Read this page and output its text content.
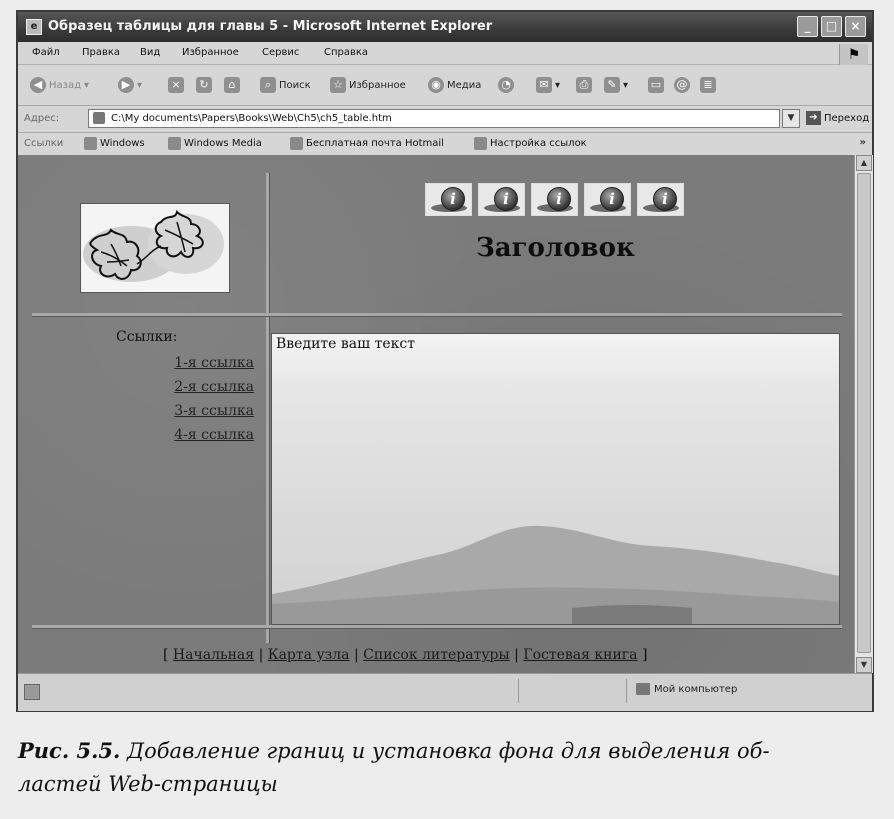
e Образец таблицы для главы 5 - Microsoft Internet Explorer	_	□	×
Файл Правка Вид Избранное Сервис Справка	⚑
◀ Назад ▾	▶ ▾	×	↻	⌂	⌕ Поиск ☆ Избранное ◉ Медиа ◔	✉ ▾	⎙	✎ ▾ ▭ @	≣
Адрес:	C:\My documents\Papers\Books\Web\Ch5\ch5_table.htm	▼	➔ Переход
Ссылки	Windows	Windows Media	Бесплатная почта Hotmail	Настройка ссылок	»
i	i	i	i	i
Заголовок
Ссылки:
1-я ссылка
2-я ссылка
3-я ссылка
4-я ссылка
Введите ваш текст
[ Начальная | Карта узла | Список литературы | Гостевая книга ]
▲
▼
Мой компьютер
Рис. 5.5. Добавление границ и установка фона для выделения об-
ластей Web-страницы
